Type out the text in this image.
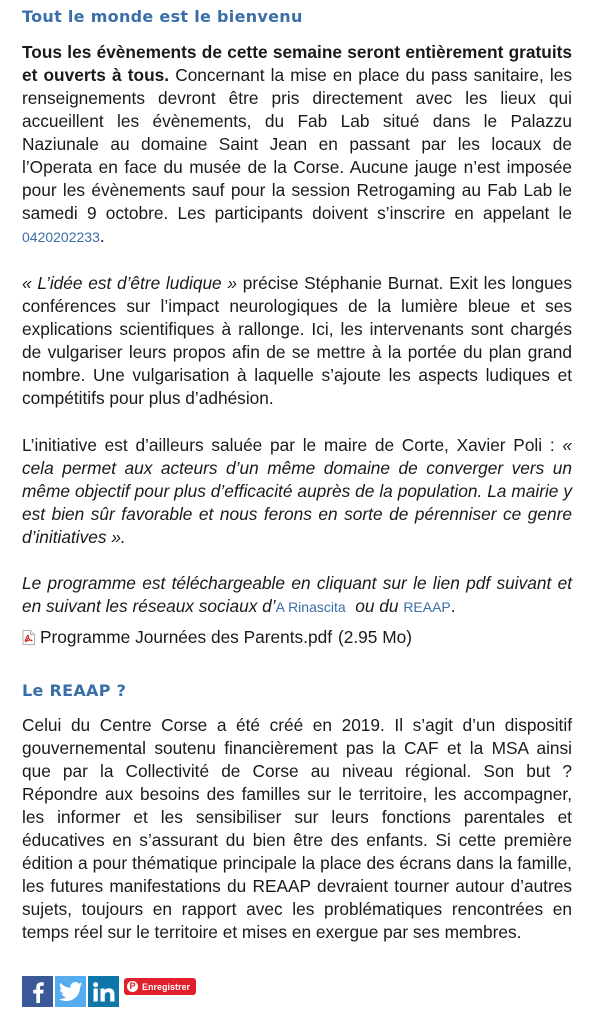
Tout le monde est le bienvenu

Tous les évènements de cette semaine seront entièrement gratuits et ouverts à tous. Concernant la mise en place du pass sanitaire, les renseignements devront être pris directement avec les lieux qui accueillent les évènements, du Fab Lab situé dans le Palazzu Naziunale au domaine Saint Jean en passant par les locaux de l’Operata en face du musée de la Corse. Aucune jauge n’est imposée pour les évènements sauf pour la session Retrogaming au Fab Lab le samedi 9 octobre. Les participants doivent s’inscrire en appelant le 0420202233.

« L’idée est d’être ludique » précise Stéphanie Burnat. Exit les longues conférences sur l’impact neurologiques de la lumière bleue et ses explications scientifiques à rallonge. Ici, les intervenants sont chargés de vulgariser leurs propos afin de se mettre à la portée du plan grand nombre. Une vulgarisation à laquelle s’ajoute les aspects ludiques et compétitifs pour plus d’adhésion.

L’initiative est d’ailleurs saluée par le maire de Corte, Xavier Poli : « cela permet aux acteurs d’un même domaine de converger vers un même objectif pour plus d’efficacité auprès de la population. La mairie y est bien sûr favorable et nous ferons en sorte de pérenniser ce genre d’initiatives ».

Le programme est téléchargeable en cliquant sur le lien pdf suivant et en suivant les réseaux sociaux d’A Rinascita  ou du REAAP.

Programme Journées des Parents.pdf (2.95 Mo)
Le REAAP ?

Celui du Centre Corse a été créé en 2019. Il s’agit d’un dispositif gouvernemental soutenu financièrement pas la CAF et la MSA ainsi que par la Collectivité de Corse au niveau régional. Son but ? Répondre aux besoins des familles sur le territoire, les accompagner, les informer et les sensibiliser sur leurs fonctions parentales et éducatives en s’assurant du bien être des enfants. Si cette première édition a pour thématique principale la place des écrans dans la famille, les futures manifestations du REAAP devraient tourner autour d’autres sujets, toujours en rapport avec les problématiques rencontrées en temps réel sur le territoire et mises en exergue par ses membres.

P Enregistrer
